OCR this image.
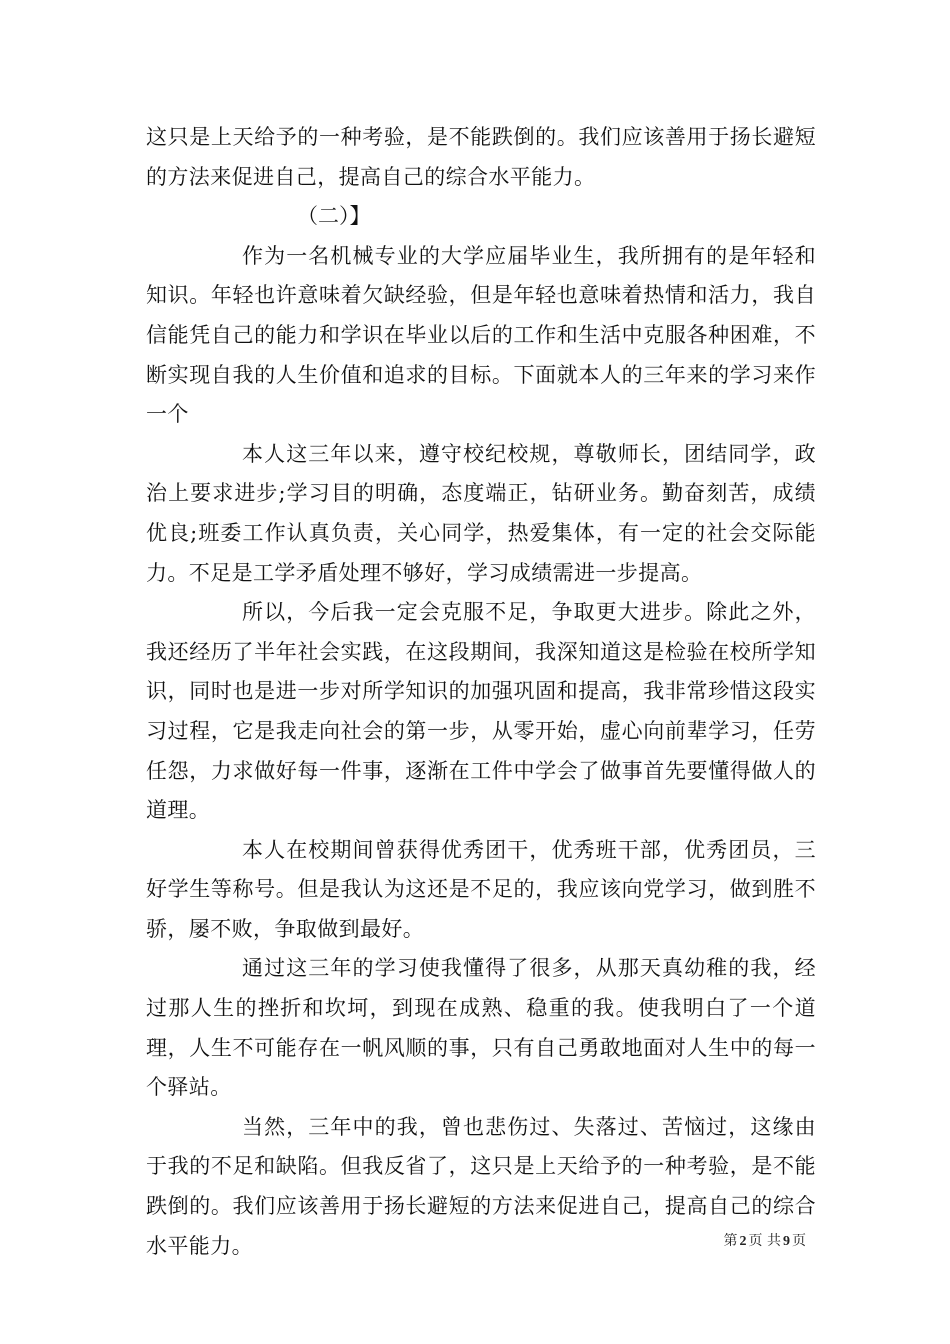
这只是上天给予的一种考验，是不能跌倒的。我们应该善用于扬长避短的方法来促进自己，提高自己的综合水平能力。

（二）】

作为一名机械专业的大学应届毕业生，我所拥有的是年轻和知识。年轻也许意味着欠缺经验，但是年轻也意味着热情和活力，我自信能凭自己的能力和学识在毕业以后的工作和生活中克服各种困难，不断实现自我的人生价值和追求的目标。下面就本人的三年来的学习来作一个

本人这三年以来，遵守校纪校规，尊敬师长，团结同学，政治上要求进步;学习目的明确，态度端正，钻研业务。勤奋刻苦，成绩优良;班委工作认真负责，关心同学，热爱集体，有一定的社会交际能力。不足是工学矛盾处理不够好，学习成绩需进一步提高。

所以，今后我一定会克服不足，争取更大进步。除此之外，我还经历了半年社会实践，在这段期间，我深知道这是检验在校所学知识，同时也是进一步对所学知识的加强巩固和提高，我非常珍惜这段实习过程，它是我走向社会的第一步，从零开始，虚心向前辈学习，任劳任怨，力求做好每一件事，逐渐在工件中学会了做事首先要懂得做人的道理。

本人在校期间曾获得优秀团干，优秀班干部，优秀团员，三好学生等称号。但是我认为这还是不足的，我应该向党学习，做到胜不骄，屡不败，争取做到最好。

通过这三年的学习使我懂得了很多，从那天真幼稚的我，经过那人生的挫折和坎坷，到现在成熟、稳重的我。使我明白了一个道理，人生不可能存在一帆风顺的事，只有自己勇敢地面对人生中的每一个驿站。

当然，三年中的我，曾也悲伤过、失落过、苦恼过，这缘由于我的不足和缺陷。但我反省了，这只是上天给予的一种考验，是不能跌倒的。我们应该善用于扬长避短的方法来促进自己，提高自己的综合水平能力。	第 2 页 共 9 页
